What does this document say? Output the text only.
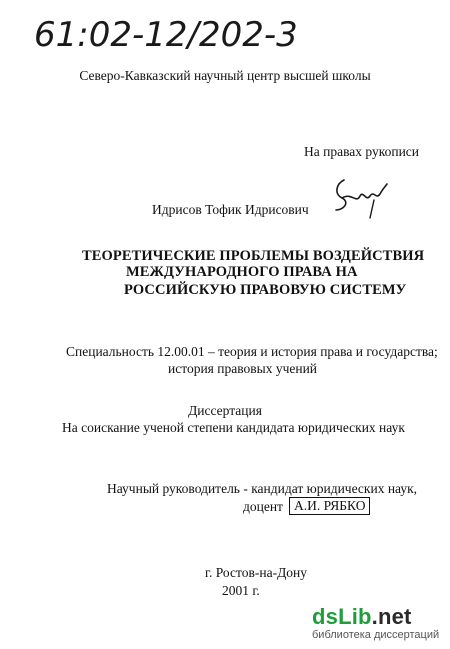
61:02-12/202-3
Северо-Кавказский научный центр высшей школы
На правах рукописи
Идрисов Тофик Идрисович
ТЕОРЕТИЧЕСКИЕ ПРОБЛЕМЫ ВОЗДЕЙСТВИЯ
МЕЖДУНАРОДНОГО ПРАВА НА
РОССИЙСКУЮ ПРАВОВУЮ СИСТЕМУ
Специальность 12.00.01 – теория и история права и государства;
история правовых учений
Диссертация
На соискание ученой степени кандидата юридических наук
Научный руководитель - кандидат юридических наук,
доцент А.И. РЯБКО
г. Ростов-на-Дону
2001 г.
dsLib.net
библиотека диссертаций
